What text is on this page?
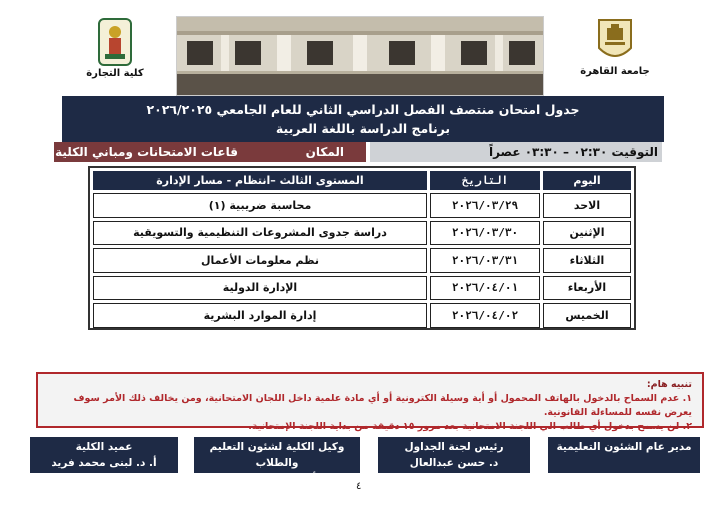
كلية التجارة	جامعة القاهرة
جدول امتحان منتصف الفصل الدراسي الثاني للعام الجامعي ٢٠٢٦/٢٠٢٥
برنامج الدراسة باللغة العربية
التوقيت ٠٢:٣٠ – ٠٣:٣٠ عصراً
المكان
قاعات الامتحانات ومباني الكلية
اليوم	التاريخ	المستوى الثالث –انتظام - مسار الإدارة
الاحد	٢٠٢٦/٠٣/٢٩	محاسبة ضريبية (١)
الإثنين	٢٠٢٦/٠٣/٣٠	دراسة جدوى المشروعات التنظيمية والتسويقية
الثلاثاء	٢٠٢٦/٠٣/٣١	نظم معلومات الأعمال
الأربعاء	٢٠٢٦/٠٤/٠١	الإدارة الدولية
الخميس	٢٠٢٦/٠٤/٠٢	إدارة الموارد البشرية
تنبيه هام:
١. عدم السماح بالدخول بالهاتف المحمول أو أية وسيلة الكترونية أو أي مادة علمية داخل اللجان الامتحانية، ومن يخالف ذلك الأمر سوف يعرض نفسه للمساءلة القانونية.
٢. لن يسمح بدخول أي طالب الي اللجنة الامتحانية بعد مرور ١٥ دقيقة من بداية اللجنة الإمتحانية.
مدير عام الشئون التعليمية
رئيس لجنة الجداول
د. حسن عبدالعال
وكيل الكلية لشئون التعليم والطلاب
أ. د. عماد الزمر
عميد الكلية
أ. د. لبنى محمد فريد
٤
